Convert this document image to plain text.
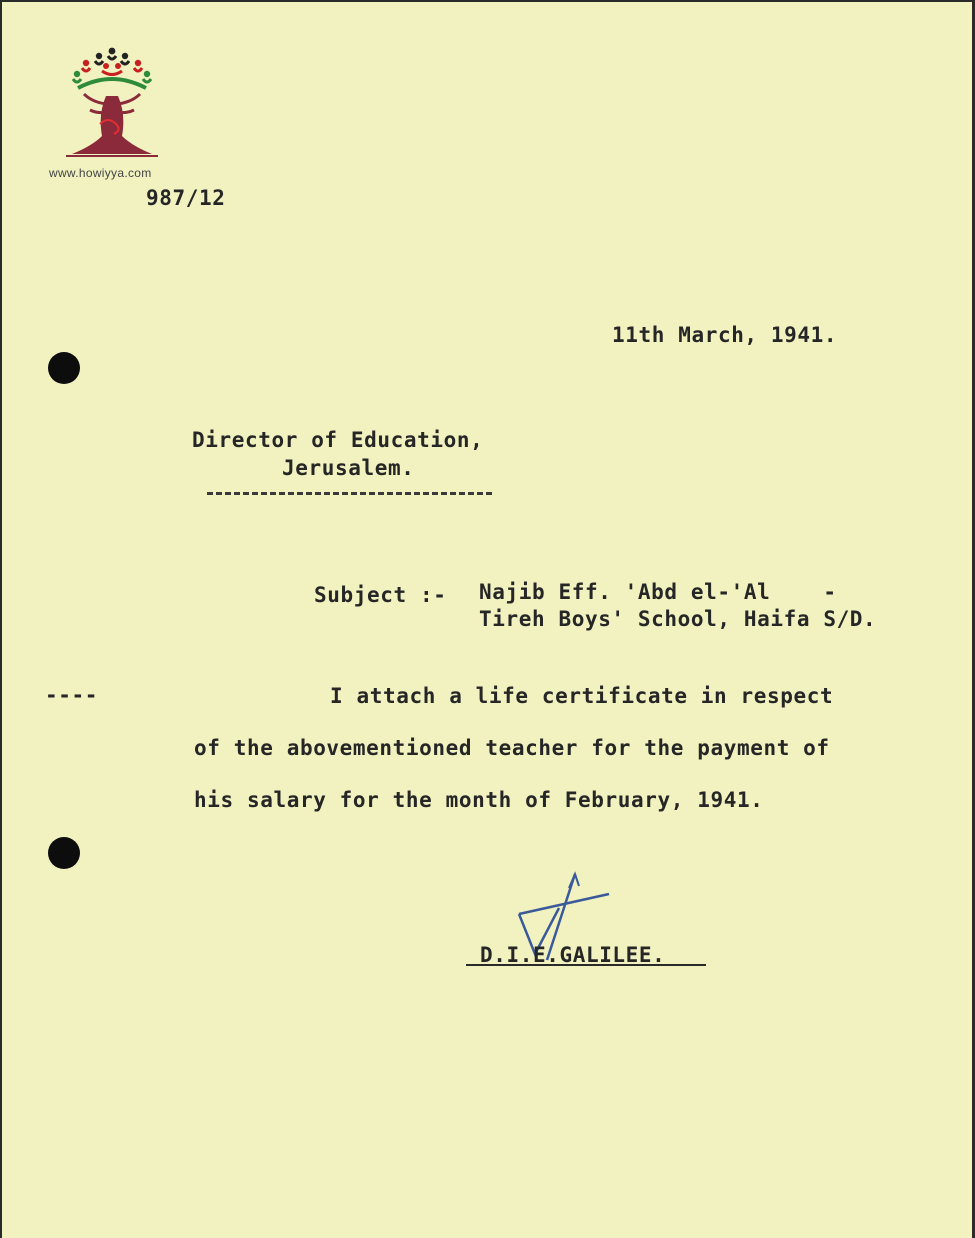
www.howiyya.com
987/12
11th March, 1941.
Director of Education,
Jerusalem.
Subject :- Najib Eff. 'Abd el-'Al    -
Tireh Boys' School, Haifa S/D.
----	I attach a life certificate in respect
of the abovementioned teacher for the payment of
his salary for the month of February, 1941.
D.I.E.GALILEE.
